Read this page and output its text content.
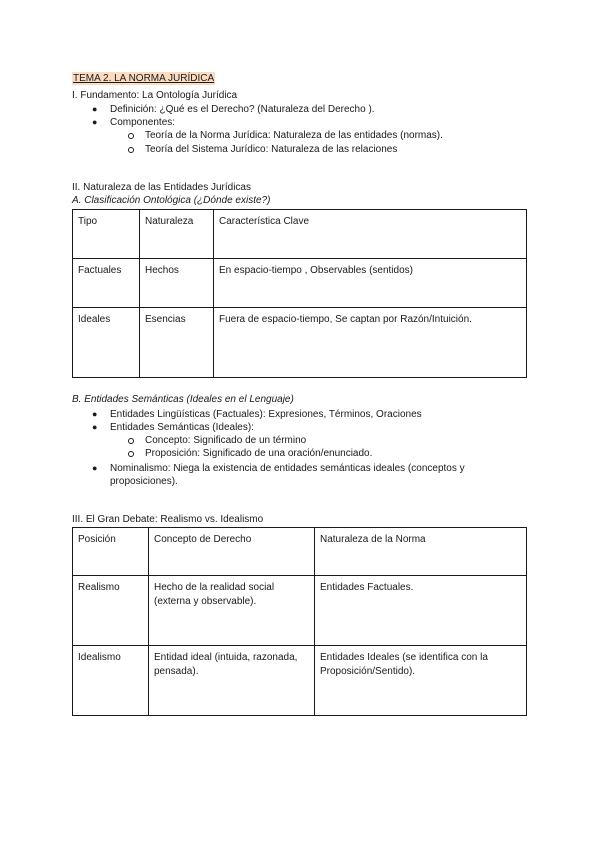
TEMA 2. LA NORMA JURÍDICA
I. Fundamento: La Ontología Jurídica
● Definición: ¿Qué es el Derecho? (Naturaleza del Derecho ).
● Componentes:
Teoría de la Norma Jurídica: Naturaleza de las entidades (normas).
Teoría del Sistema Jurídico: Naturaleza de las relaciones
II. Naturaleza de las Entidades Jurídicas
A. Clasificación Ontológica (¿Dónde existe?)
Tipo	Naturaleza	Característica Clave
Factuales	Hechos	En espacio-tiempo , Observables (sentidos)
Ideales	Esencias	Fuera de espacio-tiempo, Se captan por Razón/Intuición.
B. Entidades Semánticas (Ideales en el Lenguaje)
● Entidades Lingüísticas (Factuales): Expresiones, Términos, Oraciones
● Entidades Semánticas (Ideales):
Concepto: Significado de un término
Proposición: Significado de una oración/enunciado.
● Nominalismo: Niega la existencia de entidades semánticas ideales (conceptos y
proposiciones).
III. El Gran Debate: Realismo vs. Idealismo
Posición	Concepto de Derecho	Naturaleza de la Norma
Realismo	Hecho de la realidad social (externa y observable).	Entidades Factuales.
Idealismo	Entidad ideal (intuida, razonada, pensada).	Entidades Ideales (se identifica con la Proposición/Sentido).
